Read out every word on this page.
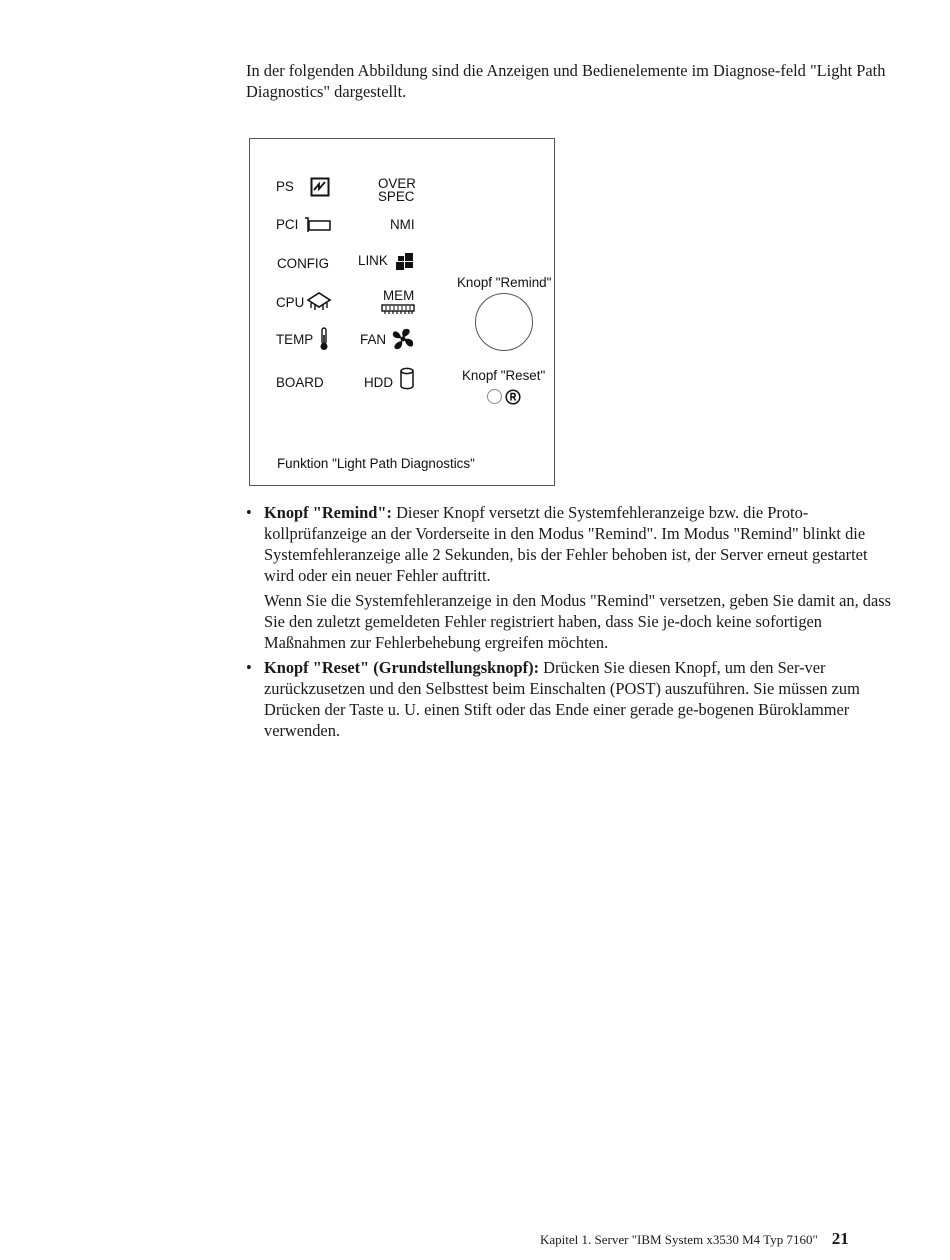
In der folgenden Abbildung sind die Anzeigen und Bedienelemente im Diagnose-feld "Light Path Diagnostics" dargestellt.

PS
PCI
CONFIG
CPU
TEMP
BOARD
OVER
SPEC
NMI
LINK
MEM
FAN
HDD
Knopf "Remind"
Knopf "Reset"
Funktion "Light Path Diagnostics"
• Knopf "Remind": Dieser Knopf versetzt die Systemfehleranzeige bzw. die Proto-kollprüfanzeige an der Vorderseite in den Modus "Remind". Im Modus "Remind" blinkt die Systemfehleranzeige alle 2 Sekunden, bis der Fehler behoben ist, der Server erneut gestartet wird oder ein neuer Fehler auftritt.

Wenn Sie die Systemfehleranzeige in den Modus "Remind" versetzen, geben Sie damit an, dass Sie den zuletzt gemeldeten Fehler registriert haben, dass Sie je-doch keine sofortigen Maßnahmen zur Fehlerbehebung ergreifen möchten.

• Knopf "Reset" (Grundstellungsknopf): Drücken Sie diesen Knopf, um den Ser-ver zurückzusetzen und den Selbsttest beim Einschalten (POST) auszuführen. Sie müssen zum Drücken der Taste u. U. einen Stift oder das Ende einer gerade ge-bogenen Büroklammer verwenden.

Kapitel 1. Server "IBM System x3530 M4 Typ 7160" 21
